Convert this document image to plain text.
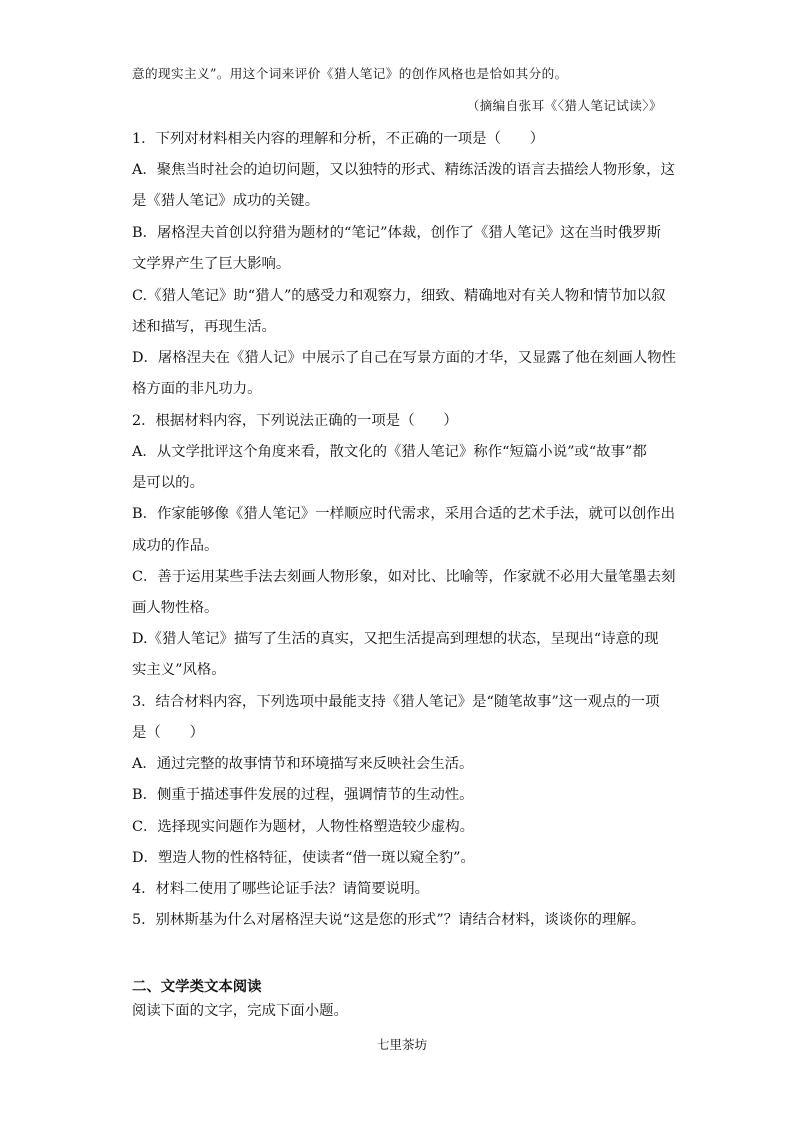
意的现实主义”。用这个词来评价《猎人笔记》的创作风格也是恰如其分的。
（摘编自张耳《〈猎人笔记试读〉》
1．下列对材料相关内容的理解和分析，不正确的一项是（　　）
A．聚焦当时社会的迫切问题，又以独特的形式、精练活泼的语言去描绘人物形象，这
是《猎人笔记》成功的关键。
B．屠格涅夫首创以狩猎为题材的“笔记”体裁，创作了《猎人笔记》这在当时俄罗斯
文学界产生了巨大影响。
C.《猎人笔记》助“猎人”的感受力和观察力，细致、精确地对有关人物和情节加以叙
述和描写，再现生活。
D．屠格涅夫在《猎人记》中展示了自己在写景方面的才华，又显露了他在刻画人物性
格方面的非凡功力。
2．根据材料内容，下列说法正确的一项是（　　）
A．从文学批评这个角度来看，散文化的《猎人笔记》称作“短篇小说”或“故事”都
是可以的。
B．作家能够像《猎人笔记》一样顺应时代需求，采用合适的艺术手法，就可以创作出
成功的作品。
C．善于运用某些手法去刻画人物形象，如对比、比喻等，作家就不必用大量笔墨去刻
画人物性格。
D.《猎人笔记》描写了生活的真实，又把生活提高到理想的状态，呈现出“诗意的现
实主义”风格。
3．结合材料内容，下列选项中最能支持《猎人笔记》是“随笔故事”这一观点的一项
是（　　）
A．通过完整的故事情节和环境描写来反映社会生活。
B．侧重于描述事件发展的过程，强调情节的生动性。
C．选择现实问题作为题材，人物性格塑造较少虚构。
D．塑造人物的性格特征，使读者“借一斑以窥全豹”。
4．材料二使用了哪些论证手法？请简要说明。
5．别林斯基为什么对屠格涅夫说“这是您的形式”？请结合材料，谈谈你的理解。
二、文学类文本阅读
阅读下面的文字，完成下面小题。
七里茶坊
